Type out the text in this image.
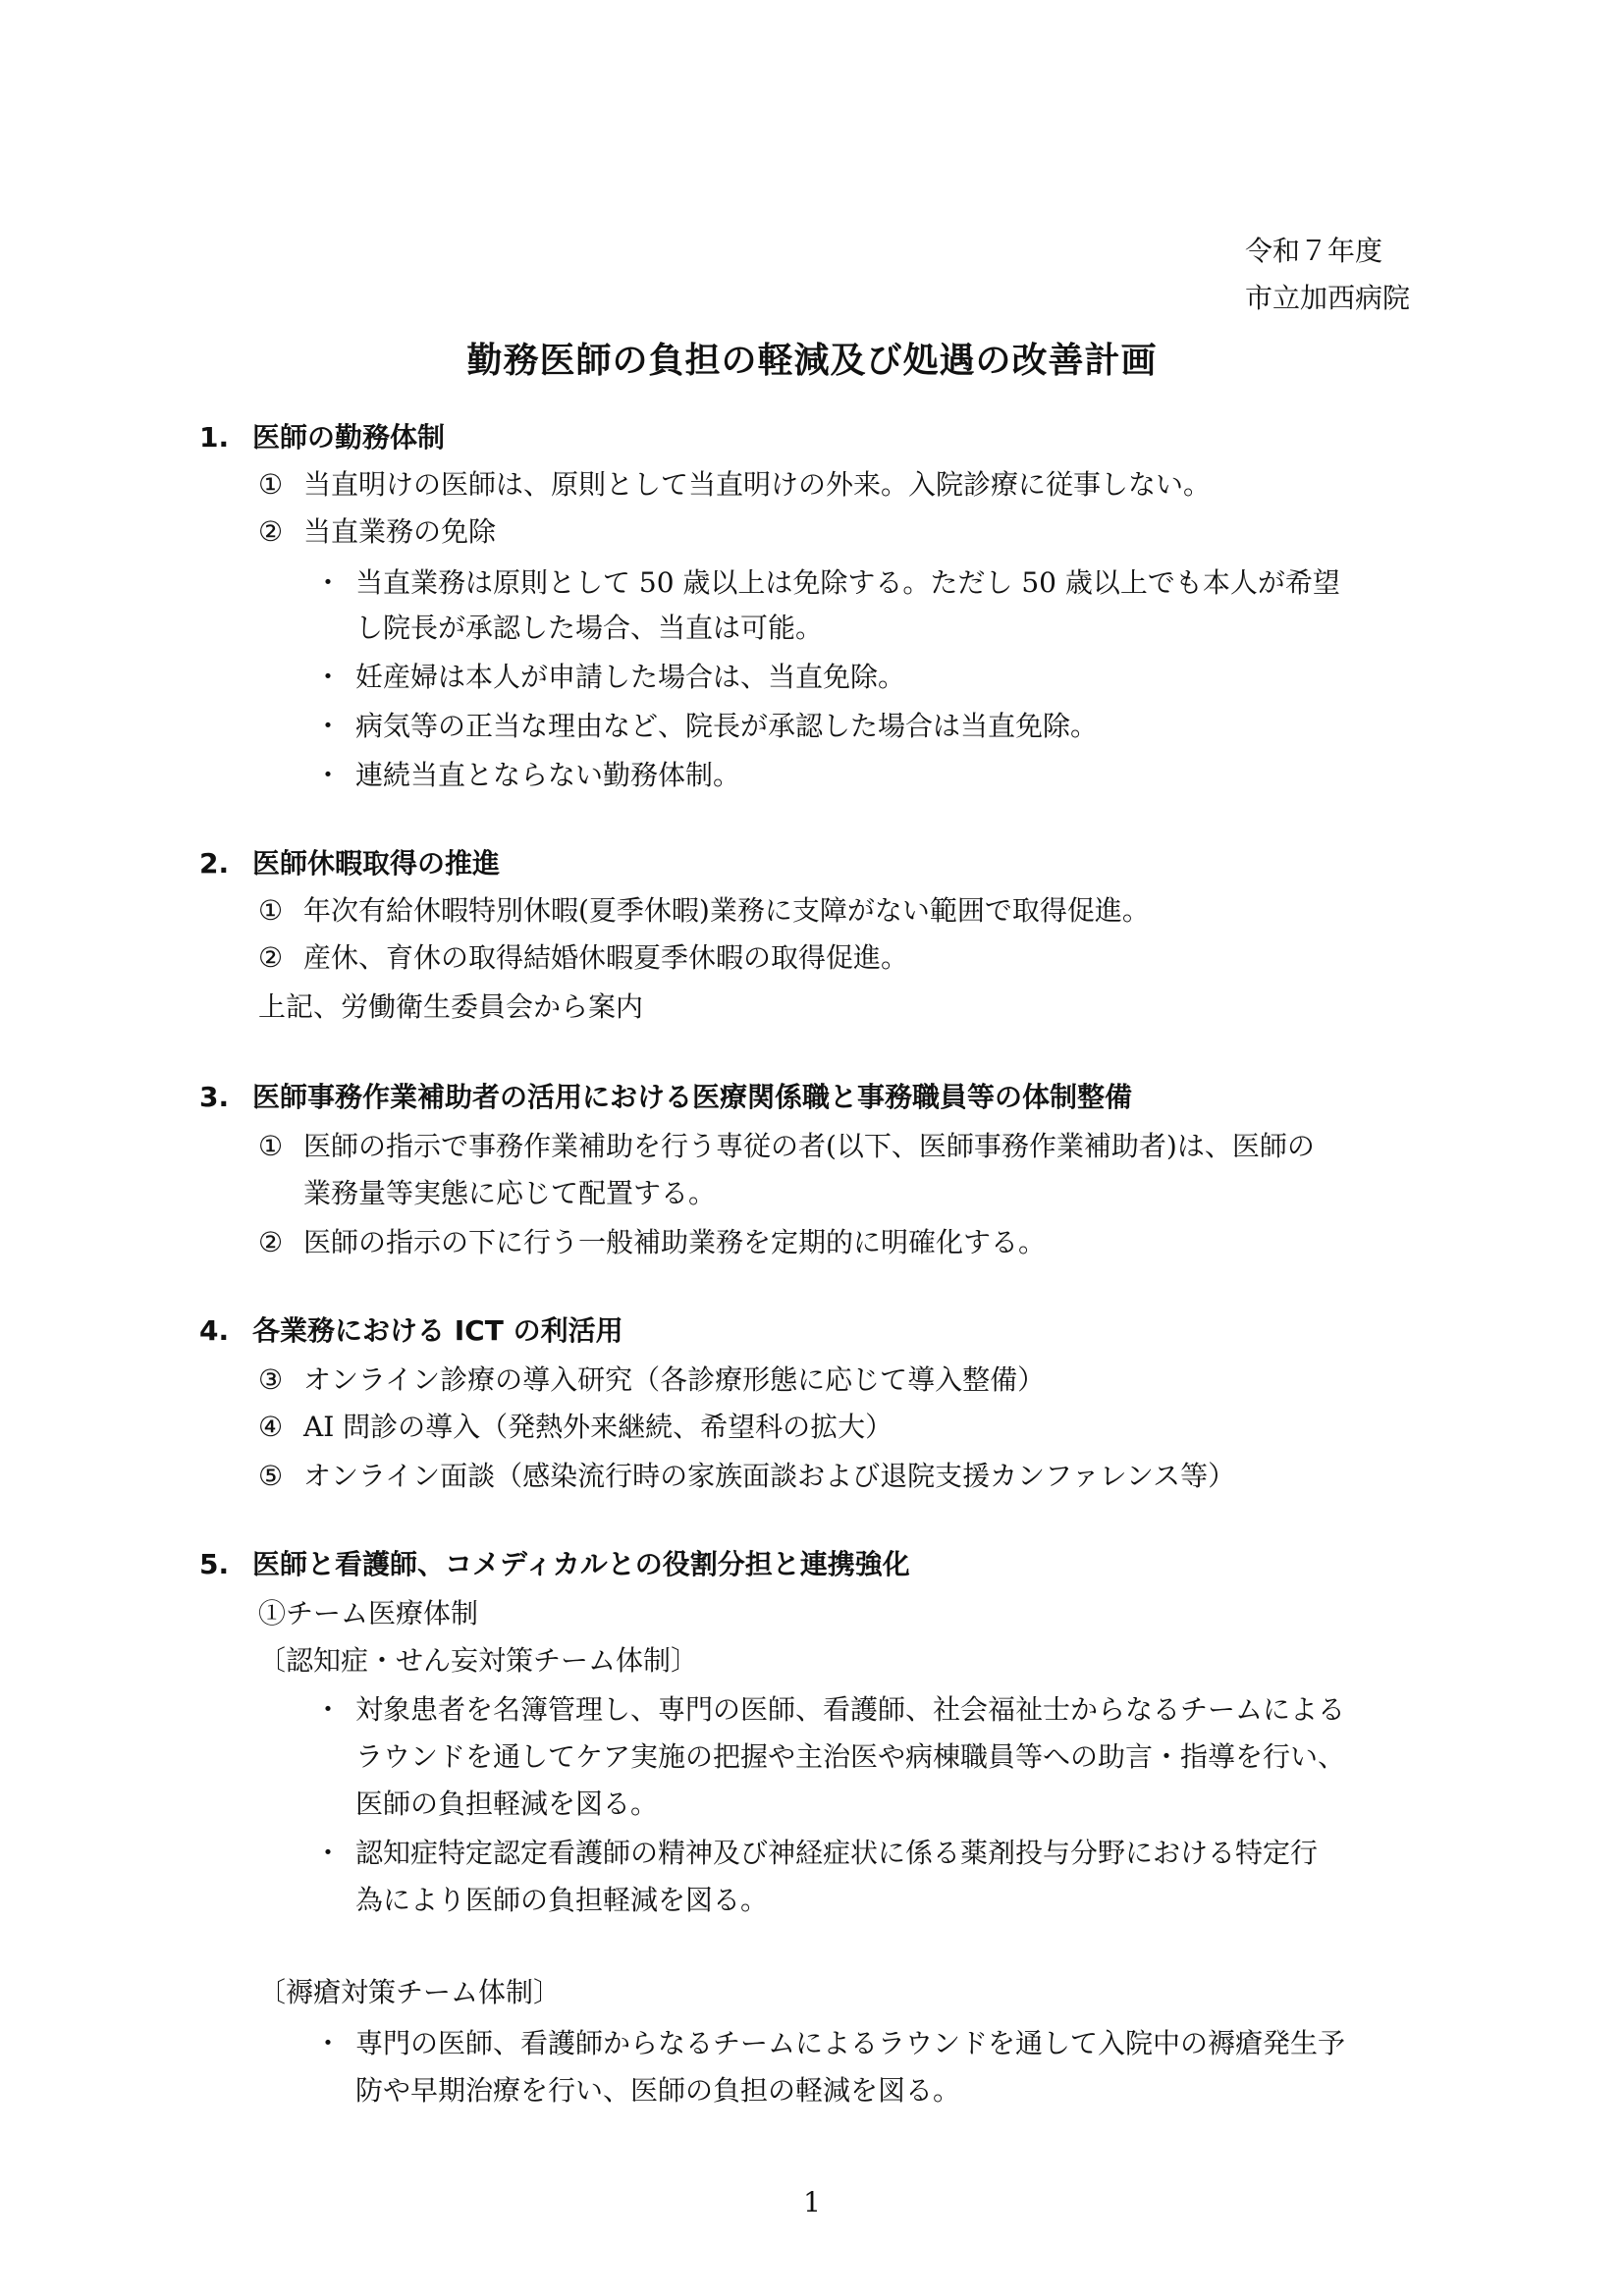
令和７年度
市立加西病院
勤務医師の負担の軽減及び処遇の改善計画
1. 医師の勤務体制
① 当直明けの医師は、原則として当直明けの外来。入院診療に従事しない。
② 当直業務の免除
・ 当直業務は原則として 50 歳以上は免除する。ただし 50 歳以上でも本人が希望
し院長が承認した場合、当直は可能。
・ 妊産婦は本人が申請した場合は、当直免除。
・ 病気等の正当な理由など、院長が承認した場合は当直免除。
・ 連続当直とならない勤務体制。
2. 医師休暇取得の推進
① 年次有給休暇特別休暇(夏季休暇)業務に支障がない範囲で取得促進。
② 産休、育休の取得結婚休暇夏季休暇の取得促進。
上記、労働衛生委員会から案内
3. 医師事務作業補助者の活用における医療関係職と事務職員等の体制整備
① 医師の指示で事務作業補助を行う専従の者(以下、医師事務作業補助者)は、医師の
業務量等実態に応じて配置する。
② 医師の指示の下に行う一般補助業務を定期的に明確化する。
4. 各業務における ICT の利活用
③ オンライン診療の導入研究（各診療形態に応じて導入整備）
④ AI 問診の導入（発熱外来継続、希望科の拡大）
⑤ オンライン面談（感染流行時の家族面談および退院支援カンファレンス等）
5. 医師と看護師、コメディカルとの役割分担と連携強化
①チーム医療体制
〔認知症・せん妄対策チーム体制〕
・ 対象患者を名簿管理し、専門の医師、看護師、社会福祉士からなるチームによる
ラウンドを通してケア実施の把握や主治医や病棟職員等への助言・指導を行い、
医師の負担軽減を図る。
・ 認知症特定認定看護師の精神及び神経症状に係る薬剤投与分野における特定行
為により医師の負担軽減を図る。
〔褥瘡対策チーム体制〕
・ 専門の医師、看護師からなるチームによるラウンドを通して入院中の褥瘡発生予
防や早期治療を行い、医師の負担の軽減を図る。
1
